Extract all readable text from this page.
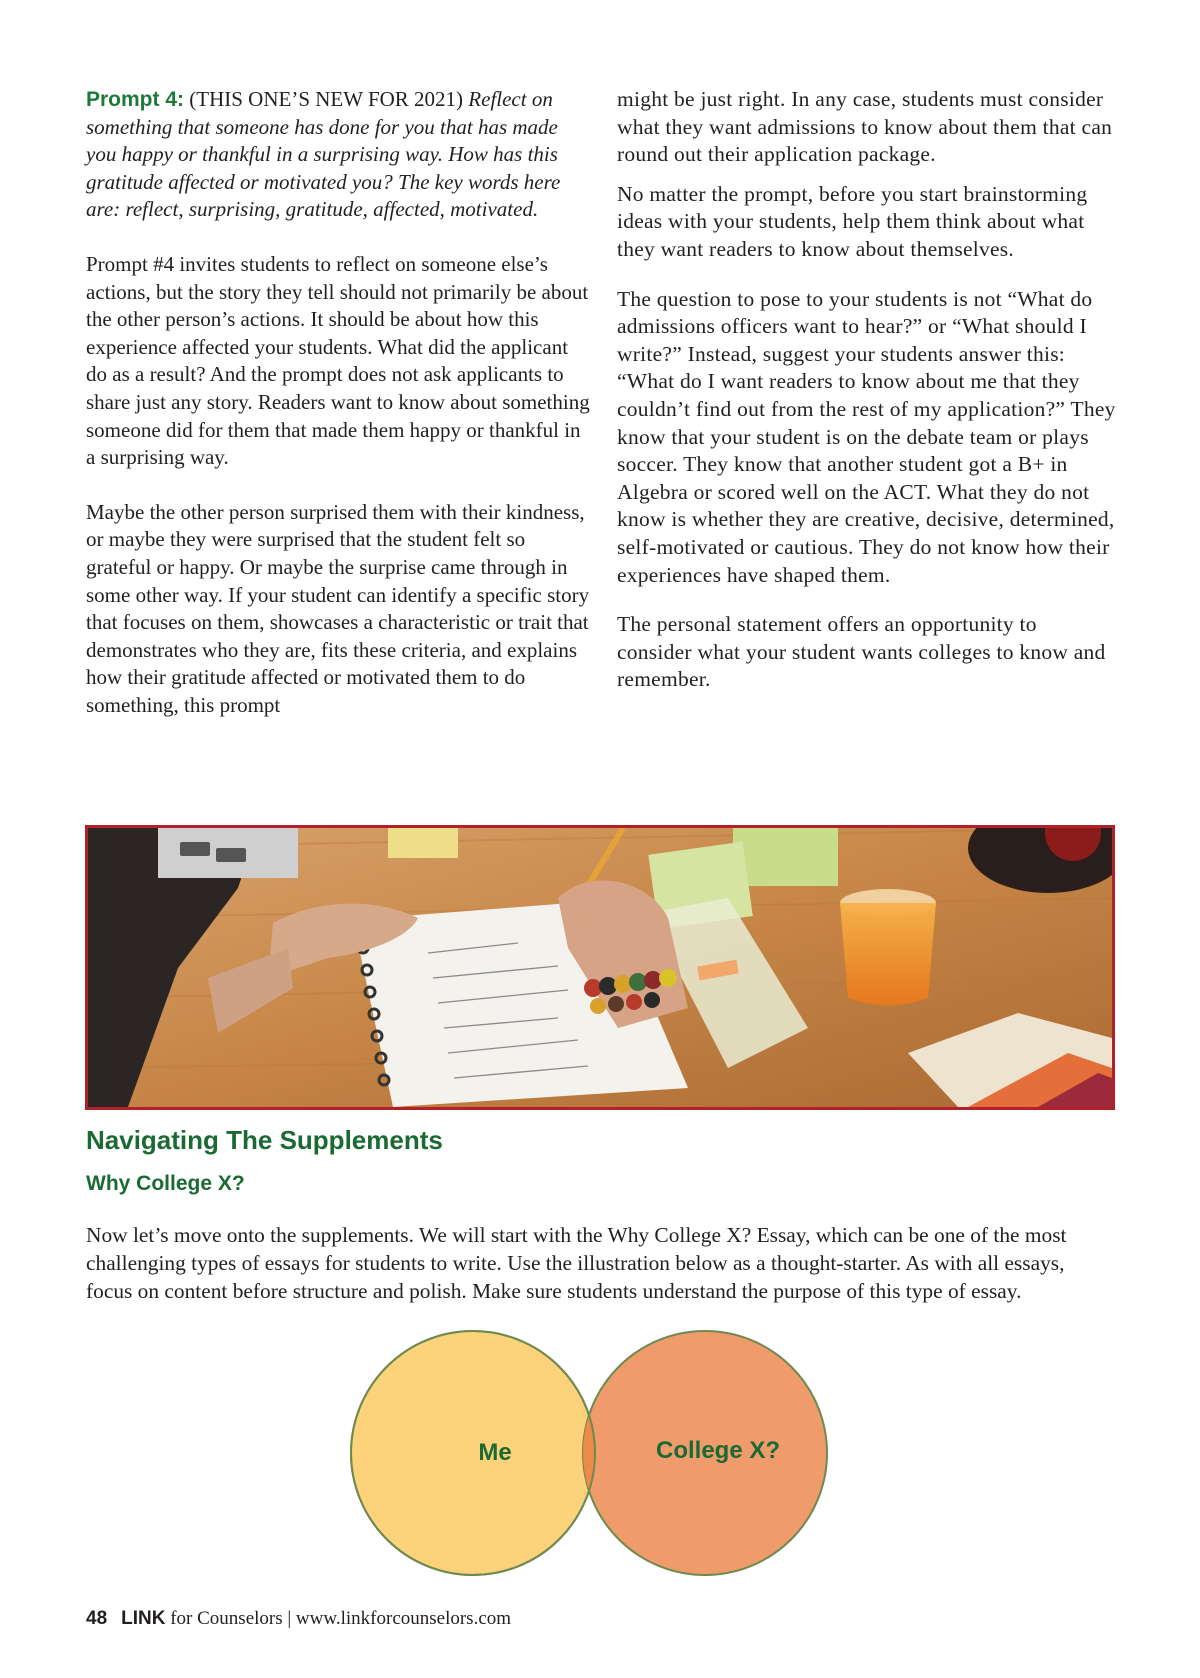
Prompt 4: (THIS ONE’S NEW FOR 2021) Reflect on something that someone has done for you that has made you happy or thankful in a surprising way. How has this gratitude affected or motivated you? The key words here are: reflect, surprising, gratitude, affected, motivated.

Prompt #4 invites students to reflect on someone else’s actions, but the story they tell should not primarily be about the other person’s actions. It should be about how this experience affected your students. What did the applicant do as a result? And the prompt does not ask applicants to share just any story. Readers want to know about something someone did for them that made them happy or thankful in a surprising way.

Maybe the other person surprised them with their kindness, or maybe they were surprised that the student felt so grateful or happy. Or maybe the surprise came through in some other way. If your student can identify a specific story that focuses on them, showcases a characteristic or trait that demonstrates who they are, fits these criteria, and explains how their gratitude affected or motivated them to do something, this prompt

might be just right. In any case, students must consider what they want admissions to know about them that can round out their application package.

No matter the prompt, before you start brainstorming ideas with your students, help them think about what they want readers to know about themselves.

The question to pose to your students is not “What do admissions officers want to hear?” or “What should I write?” Instead, suggest your students answer this: “What do I want readers to know about me that they couldn’t find out from the rest of my application?” They know that your student is on the debate team or plays soccer. They know that another student got a B+ in Algebra or scored well on the ACT. What they do not know is whether they are creative, decisive, determined, self-motivated or cautious. They do not know how their experiences have shaped them.

The personal statement offers an opportunity to consider what your student wants colleges to know and remember.

Navigating The Supplements
Why College X?

Now let’s move onto the supplements. We will start with the Why College X? Essay, which can be one of the most challenging types of essays for students to write. Use the illustration below as a thought-starter. As with all essays, focus on content before structure and polish. Make sure students understand the purpose of this type of essay.

Me	College X?
48 LINK for Counselors | www.linkforcounselors.com
